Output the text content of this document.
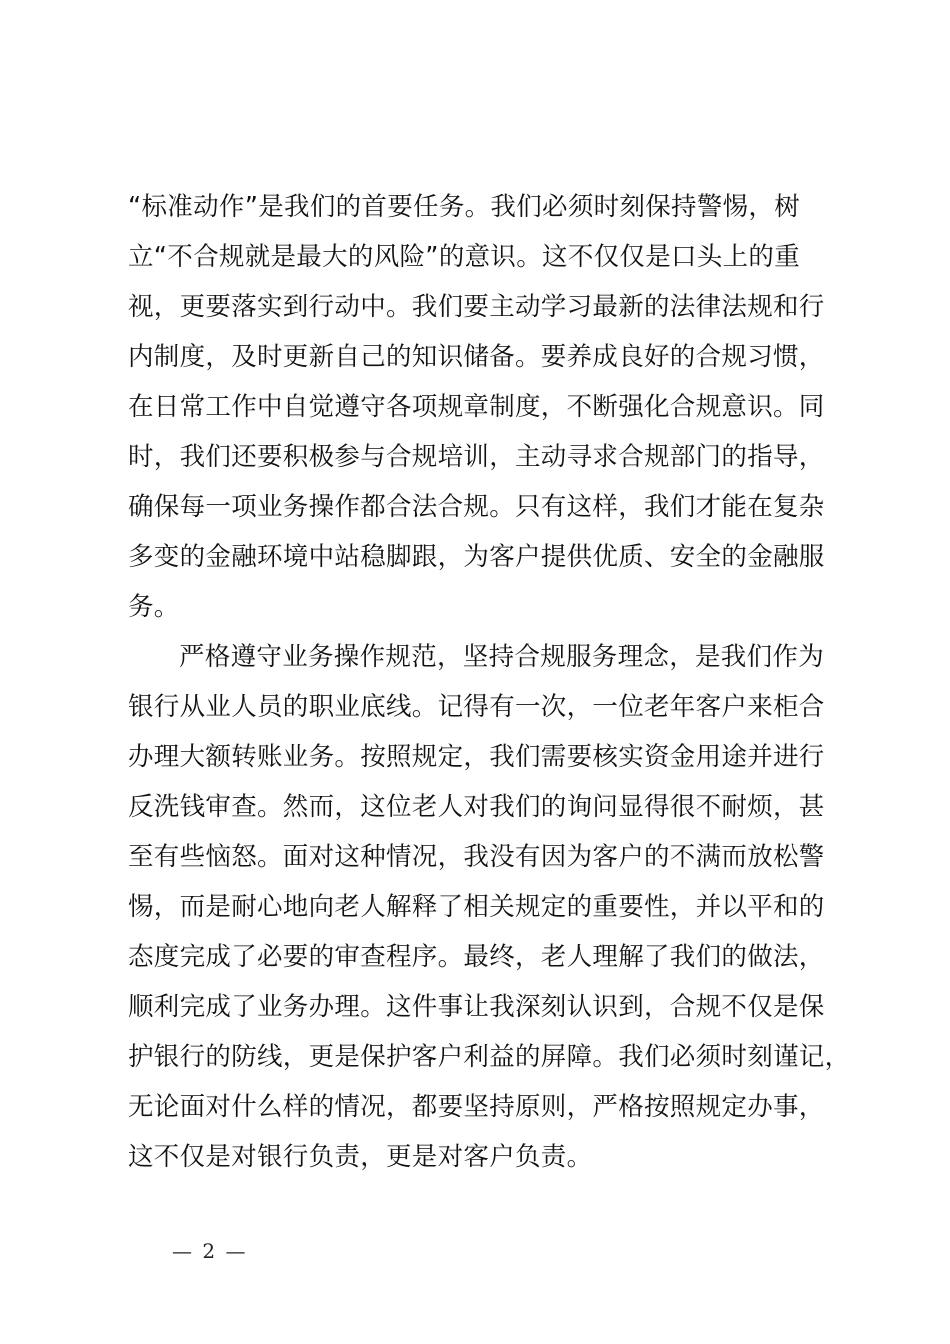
“标准动作”是我们的首要任务。我们必须时刻保持警惕，树
立“不合规就是最大的风险”的意识。这不仅仅是口头上的重
视，更要落实到行动中。我们要主动学习最新的法律法规和行
内制度，及时更新自己的知识储备。要养成良好的合规习惯，
在日常工作中自觉遵守各项规章制度，不断强化合规意识。同
时，我们还要积极参与合规培训，主动寻求合规部门的指导，
确保每一项业务操作都合法合规。只有这样，我们才能在复杂
多变的金融环境中站稳脚跟，为客户提供优质、安全的金融服
务。
严格遵守业务操作规范，坚持合规服务理念，是我们作为
银行从业人员的职业底线。记得有一次，一位老年客户来柜合
办理大额转账业务。按照规定，我们需要核实资金用途并进行
反洗钱审查。然而，这位老人对我们的询问显得很不耐烦，甚
至有些恼怒。面对这种情况，我没有因为客户的不满而放松警
惕，而是耐心地向老人解释了相关规定的重要性，并以平和的
态度完成了必要的审查程序。最终，老人理解了我们的做法，
顺利完成了业务办理。这件事让我深刻认识到，合规不仅是保
护银行的防线，更是保护客户利益的屏障。我们必须时刻谨记，
无论面对什么样的情况，都要坚持原则，严格按照规定办事，
这不仅是对银行负责，更是对客户负责。
— 2 —
